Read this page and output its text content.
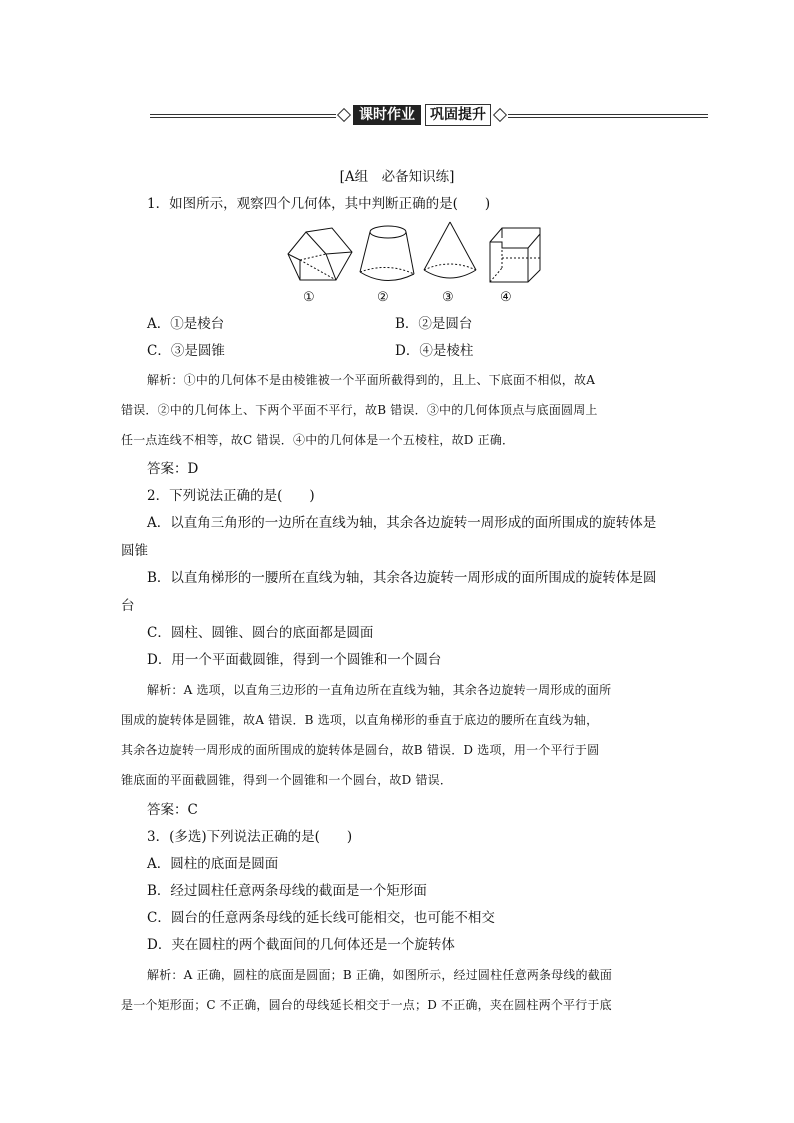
课时作业	巩固提升
[A组　必备知识练]
1．如图所示，观察四个几何体，其中判断正确的是(　　)
①	②	③	④
A．①是棱台	B．②是圆台
C．③是圆锥	D．④是棱柱
解析：①中的几何体不是由棱锥被一个平面所截得到的，且上、下底面不相似，故A
错误．②中的几何体上、下两个平面不平行，故B 错误．③中的几何体顶点与底面圆周上
任一点连线不相等，故C 错误．④中的几何体是一个五棱柱，故D 正确．
答案：D
2．下列说法正确的是(　　)
A．以直角三角形的一边所在直线为轴，其余各边旋转一周形成的面所围成的旋转体是
圆锥
B．以直角梯形的一腰所在直线为轴，其余各边旋转一周形成的面所围成的旋转体是圆
台
C．圆柱、圆锥、圆台的底面都是圆面
D．用一个平面截圆锥，得到一个圆锥和一个圆台
解析：A 选项，以直角三边形的一直角边所在直线为轴，其余各边旋转一周形成的面所
围成的旋转体是圆锥，故A 错误．B 选项，以直角梯形的垂直于底边的腰所在直线为轴，
其余各边旋转一周形成的面所围成的旋转体是圆台，故B 错误．D 选项，用一个平行于圆
锥底面的平面截圆锥，得到一个圆锥和一个圆台，故D 错误．
答案：C
3．(多选)下列说法正确的是(　　)
A．圆柱的底面是圆面
B．经过圆柱任意两条母线的截面是一个矩形面
C．圆台的任意两条母线的延长线可能相交，也可能不相交
D．夹在圆柱的两个截面间的几何体还是一个旋转体
解析：A 正确，圆柱的底面是圆面；B 正确，如图所示，经过圆柱任意两条母线的截面
是一个矩形面；C 不正确，圆台的母线延长相交于一点；D 不正确，夹在圆柱两个平行于底
